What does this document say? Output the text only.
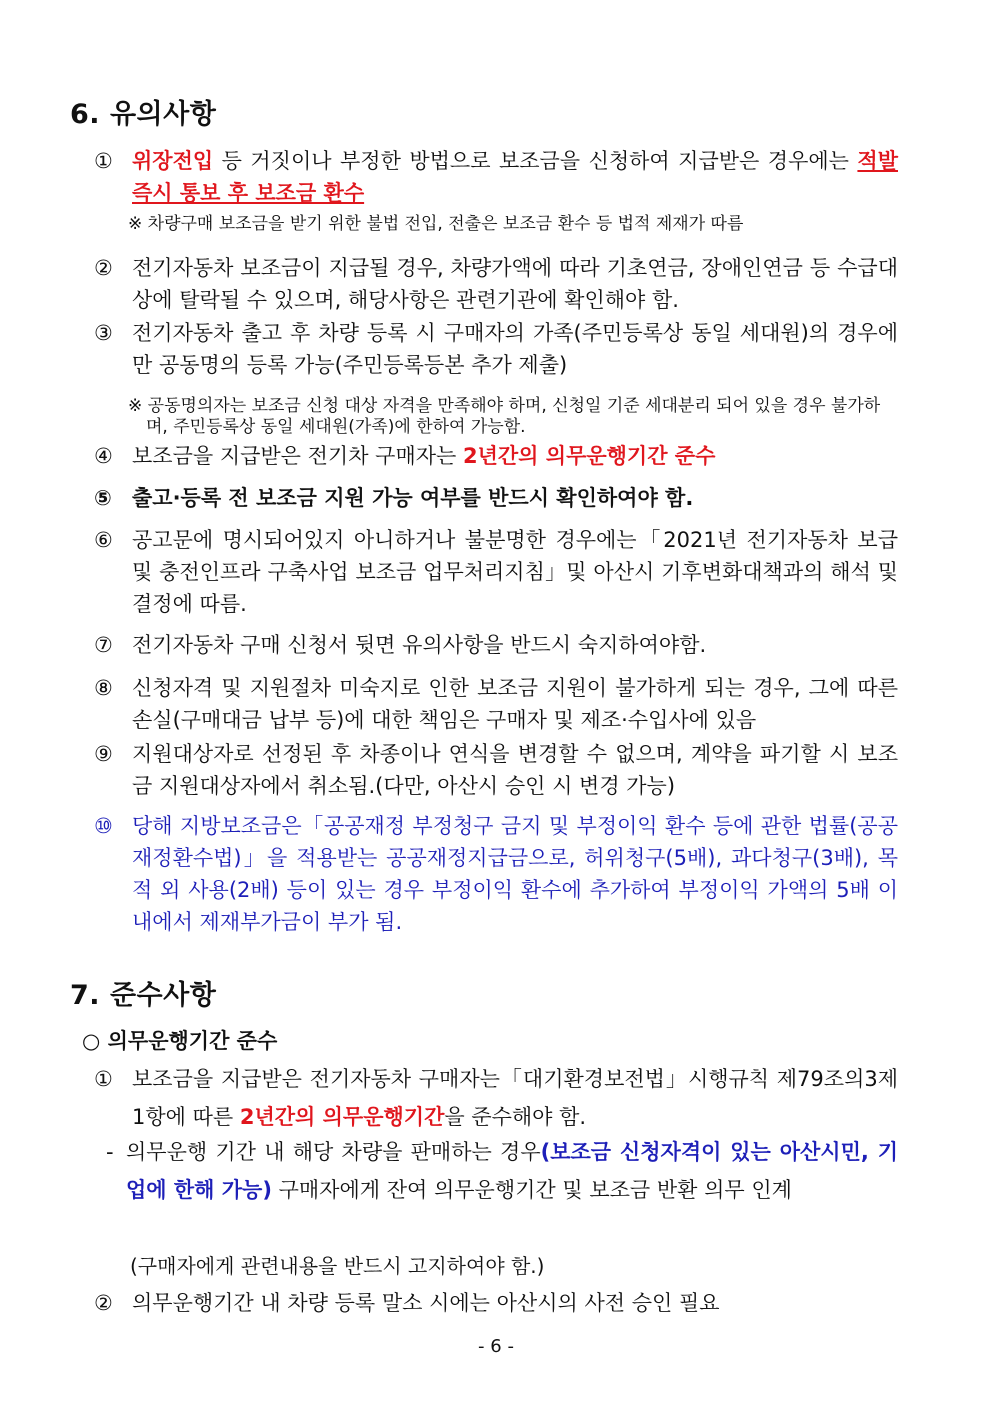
6. 유의사항
① 위장전입 등 거짓이나 부정한 방법으로 보조금을 신청하여 지급받은 경우에는 적발 즉시 통보 후 보조금 환수
※ 차량구매 보조금을 받기 위한 불법 전입, 전출은 보조금 환수 등 법적 제재가 따름
② 전기자동차 보조금이 지급될 경우, 차량가액에 따라 기초연금, 장애인연금 등 수급대상에 탈락될 수 있으며, 해당사항은 관련기관에 확인해야 함.
③ 전기자동차 출고 후 차량 등록 시 구매자의 가족(주민등록상 동일 세대원)의 경우에만 공동명의 등록 가능(주민등록등본 추가 제출)
※ 공동명의자는 보조금 신청 대상 자격을 만족해야 하며, 신청일 기준 세대분리 되어 있을 경우 불가하며, 주민등록상 동일 세대원(가족)에 한하여 가능함.
④ 보조금을 지급받은 전기차 구매자는 2년간의 의무운행기간 준수
⑤ 출고·등록 전 보조금 지원 가능 여부를 반드시 확인하여야 함.
⑥ 공고문에 명시되어있지 아니하거나 불분명한 경우에는「2021년 전기자동차 보급 및 충전인프라 구축사업 보조금 업무처리지침」및 아산시 기후변화대책과의 해석 및 결정에 따름.
⑦ 전기자동차 구매 신청서 뒷면 유의사항을 반드시 숙지하여야함.
⑧ 신청자격 및 지원절차 미숙지로 인한 보조금 지원이 불가하게 되는 경우, 그에 따른 손실(구매대금 납부 등)에 대한 책임은 구매자 및 제조·수입사에 있음
⑨ 지원대상자로 선정된 후 차종이나 연식을 변경할 수 없으며, 계약을 파기할 시 보조금 지원대상자에서 취소됨.(다만, 아산시 승인 시 변경 가능)
⑩ 당해 지방보조금은「공공재정 부정청구 금지 및 부정이익 환수 등에 관한 법률(공공재정환수법)」을 적용받는 공공재정지급금으로, 허위청구(5배), 과다청구(3배), 목적 외 사용(2배) 등이 있는 경우 부정이익 환수에 추가하여 부정이익 가액의 5배 이내에서 제재부가금이 부가 됨.
7. 준수사항
○ 의무운행기간 준수
① 보조금을 지급받은 전기자동차 구매자는「대기환경보전법」시행규칙 제79조의3제1항에 따른 2년간의 의무운행기간을 준수해야 함.
- 의무운행 기간 내 해당 차량을 판매하는 경우(보조금 신청자격이 있는 아산시민, 기업에 한해 가능) 구매자에게 잔여 의무운행기간 및 보조금 반환 의무 인계
(구매자에게 관련내용을 반드시 고지하여야 함.)
② 의무운행기간 내 차량 등록 말소 시에는 아산시의 사전 승인 필요
- 6 -
